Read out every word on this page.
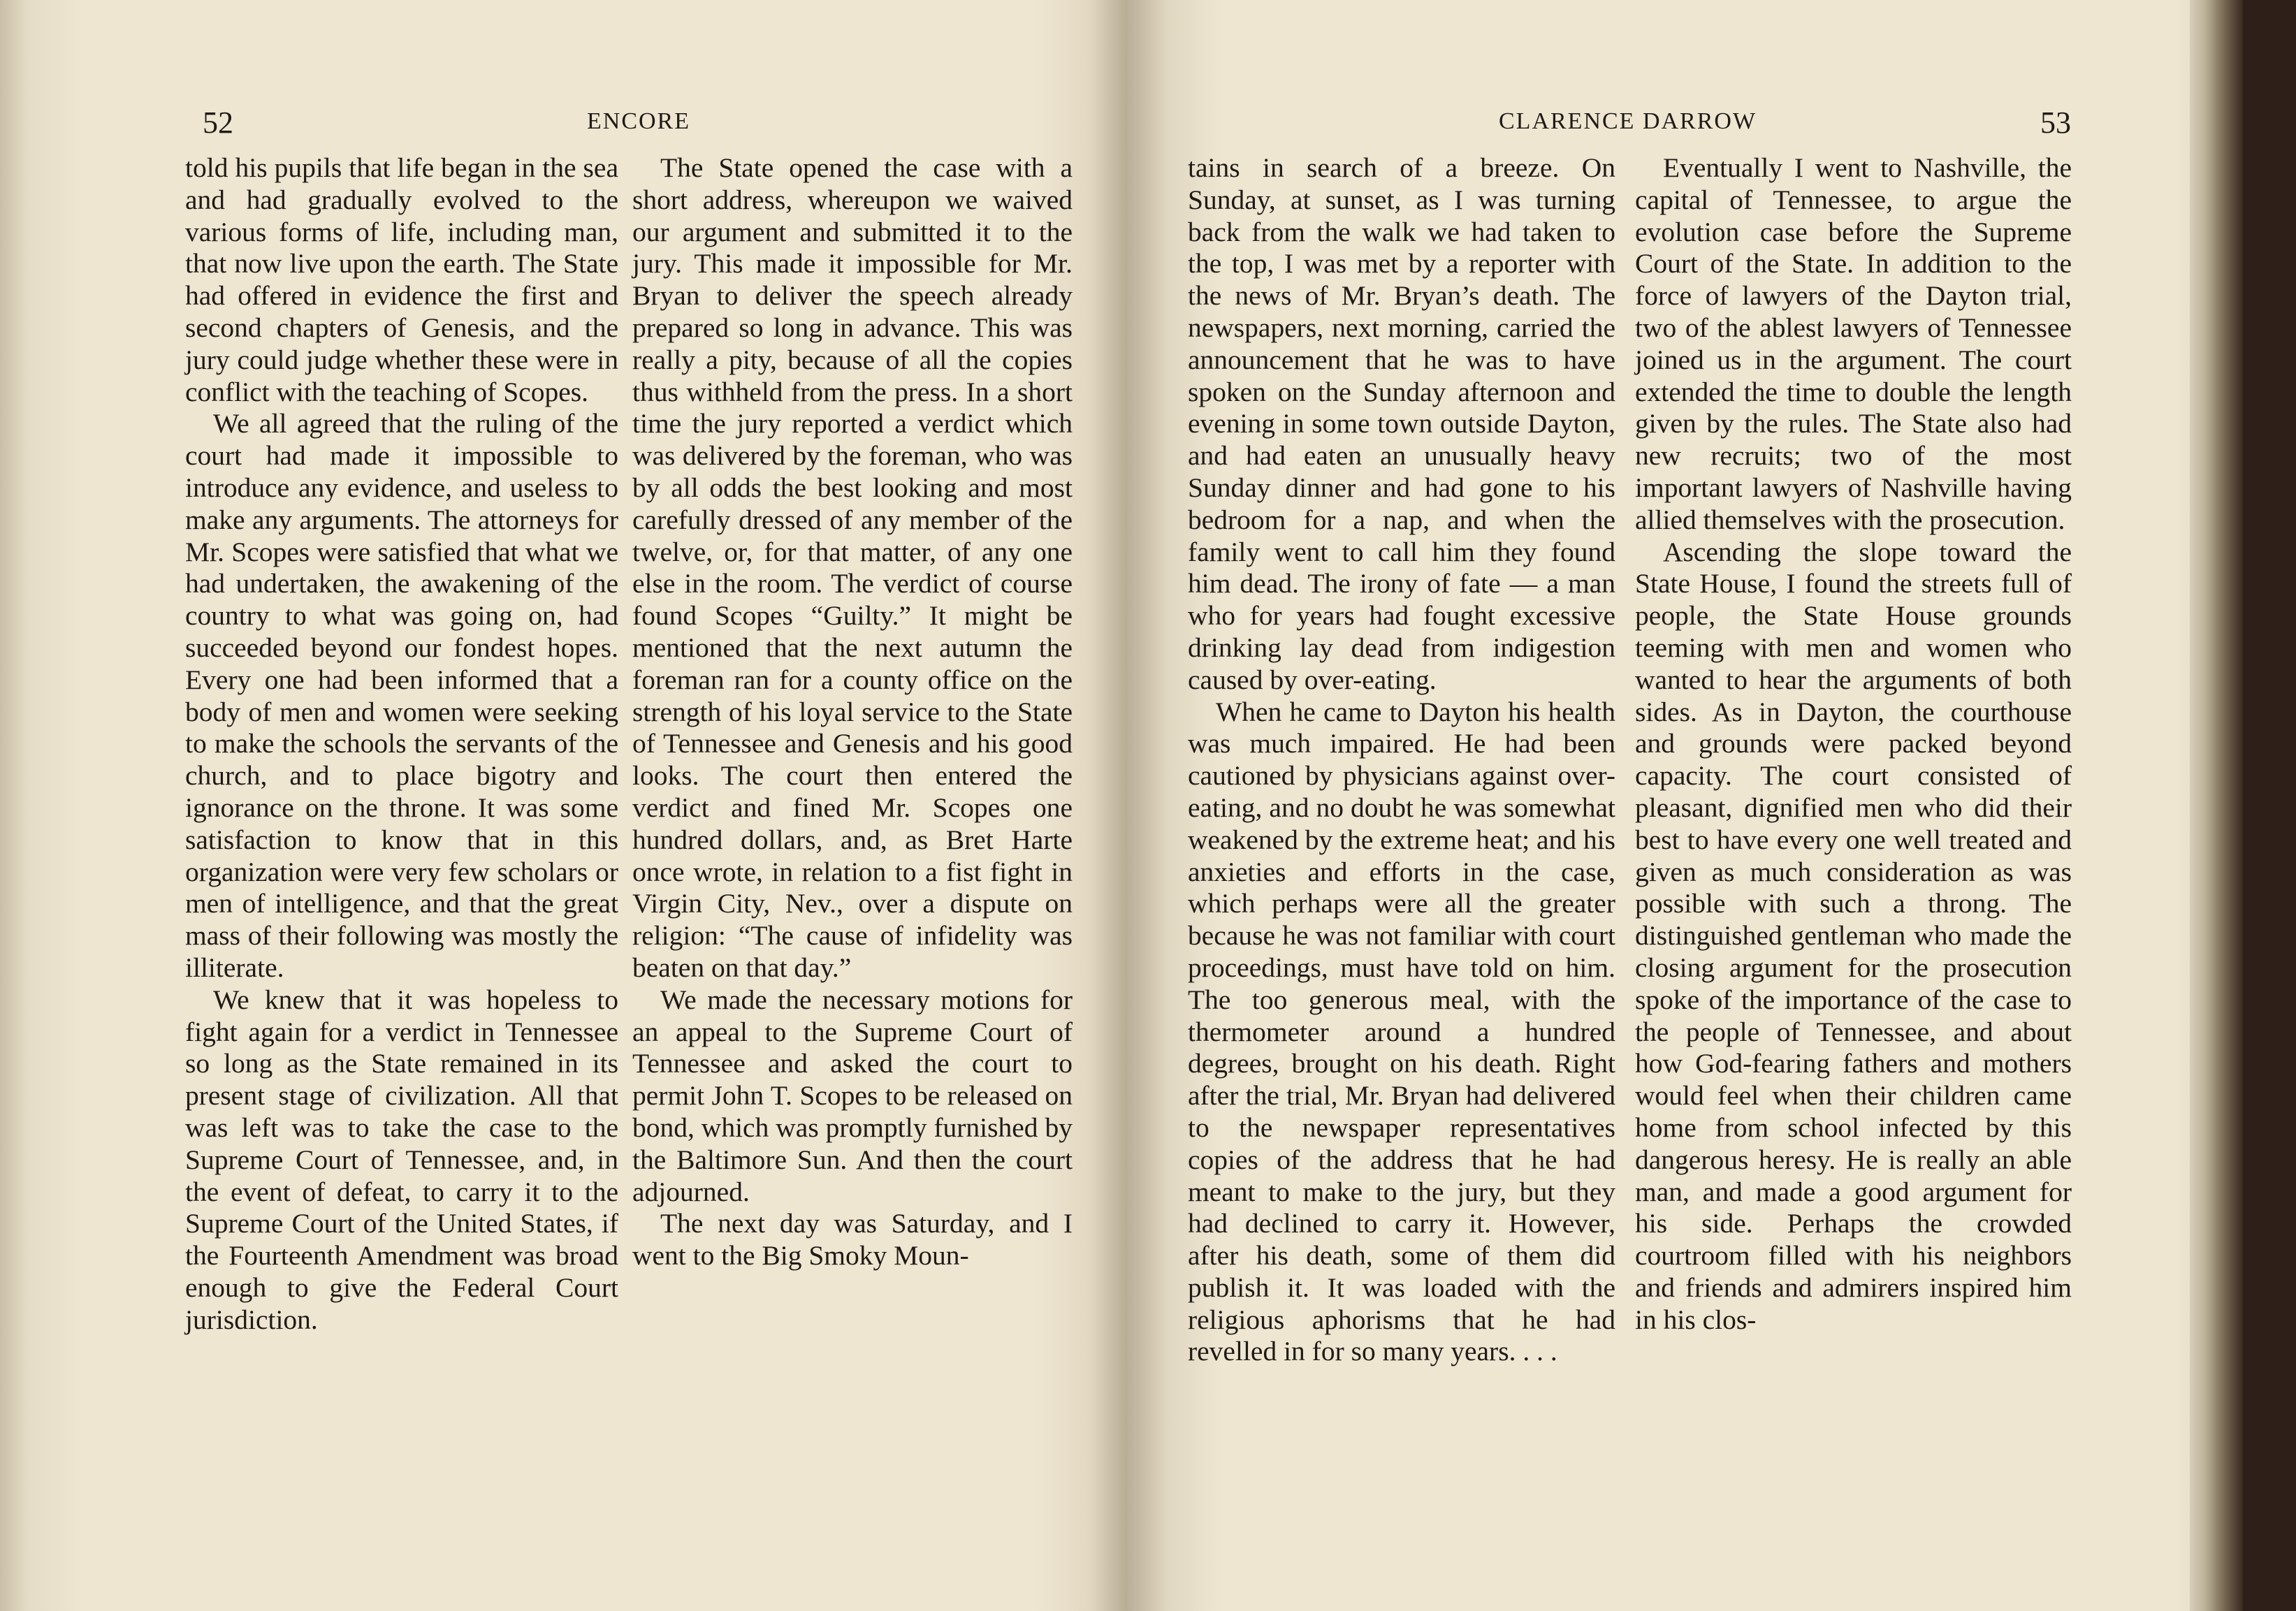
52	ENCORE

told his pupils that life began in the sea and had gradually evolved to the various forms of life, including man, that now live upon the earth. The State had offered in evidence the first and second chapters of Genesis, and the jury could judge whether these were in conflict with the teaching of Scopes.

We all agreed that the ruling of the court had made it impossible to introduce any evidence, and useless to make any arguments. The attorneys for Mr. Scopes were satisfied that what we had undertaken, the awakening of the country to what was going on, had succeeded beyond our fondest hopes. Every one had been informed that a body of men and women were seeking to make the schools the servants of the church, and to place bigotry and ignorance on the throne. It was some satisfaction to know that in this organization were very few scholars or men of intelligence, and that the great mass of their following was mostly the illiterate.

We knew that it was hopeless to fight again for a verdict in Tennessee so long as the State remained in its present stage of civilization. All that was left was to take the case to the Supreme Court of Tennessee, and, in the event of defeat, to carry it to the Supreme Court of the United States, if the Fourteenth Amendment was broad enough to give the Federal Court jurisdiction.

The State opened the case with a short address, whereupon we waived our argument and submitted it to the jury. This made it impossible for Mr. Bryan to deliver the speech already prepared so long in advance. This was really a pity, because of all the copies thus withheld from the press. In a short time the jury reported a verdict which was delivered by the foreman, who was by all odds the best looking and most carefully dressed of any member of the twelve, or, for that matter, of any one else in the room. The verdict of course found Scopes “Guilty.” It might be mentioned that the next autumn the foreman ran for a county office on the strength of his loyal service to the State of Tennessee and Genesis and his good looks. The court then entered the verdict and fined Mr. Scopes one hundred dollars, and, as Bret Harte once wrote, in relation to a fist fight in Virgin City, Nev., over a dispute on religion: “The cause of infidelity was beaten on that day.”

We made the necessary motions for an appeal to the Supreme Court of Tennessee and asked the court to permit John T. Scopes to be released on bond, which was promptly furnished by the Baltimore Sun. And then the court adjourned.

The next day was Saturday, and I went to the Big Smoky Moun-

CLARENCE DARROW	53

tains in search of a breeze. On Sunday, at sunset, as I was turning back from the walk we had taken to the top, I was met by a reporter with the news of Mr. Bryan’s death. The newspapers, next morning, carried the announcement that he was to have spoken on the Sunday afternoon and evening in some town outside Dayton, and had eaten an unusually heavy Sunday dinner and had gone to his bedroom for a nap, and when the family went to call him they found him dead. The irony of fate — a man who for years had fought excessive drinking lay dead from indigestion caused by over-eating.

When he came to Dayton his health was much impaired. He had been cautioned by physicians against over-eating, and no doubt he was somewhat weakened by the extreme heat; and his anxieties and efforts in the case, which perhaps were all the greater because he was not familiar with court proceedings, must have told on him. The too generous meal, with the thermometer around a hundred degrees, brought on his death. Right after the trial, Mr. Bryan had delivered to the newspaper representatives copies of the address that he had meant to make to the jury, but they had declined to carry it. However, after his death, some of them did publish it. It was loaded with the religious aphorisms that he had revelled in for so many years. . . .

Eventually I went to Nashville, the capital of Tennessee, to argue the evolution case before the Supreme Court of the State. In addition to the force of lawyers of the Dayton trial, two of the ablest lawyers of Tennessee joined us in the argument. The court extended the time to double the length given by the rules. The State also had new recruits; two of the most important lawyers of Nashville having allied themselves with the prosecution.

Ascending the slope toward the State House, I found the streets full of people, the State House grounds teeming with men and women who wanted to hear the arguments of both sides. As in Dayton, the courthouse and grounds were packed beyond capacity. The court consisted of pleasant, dignified men who did their best to have every one well treated and given as much consideration as was possible with such a throng. The distinguished gentleman who made the closing argument for the prosecution spoke of the importance of the case to the people of Tennessee, and about how God-fearing fathers and mothers would feel when their children came home from school infected by this dangerous heresy. He is really an able man, and made a good argument for his side. Perhaps the crowded courtroom filled with his neighbors and friends and admirers inspired him in his clos-
